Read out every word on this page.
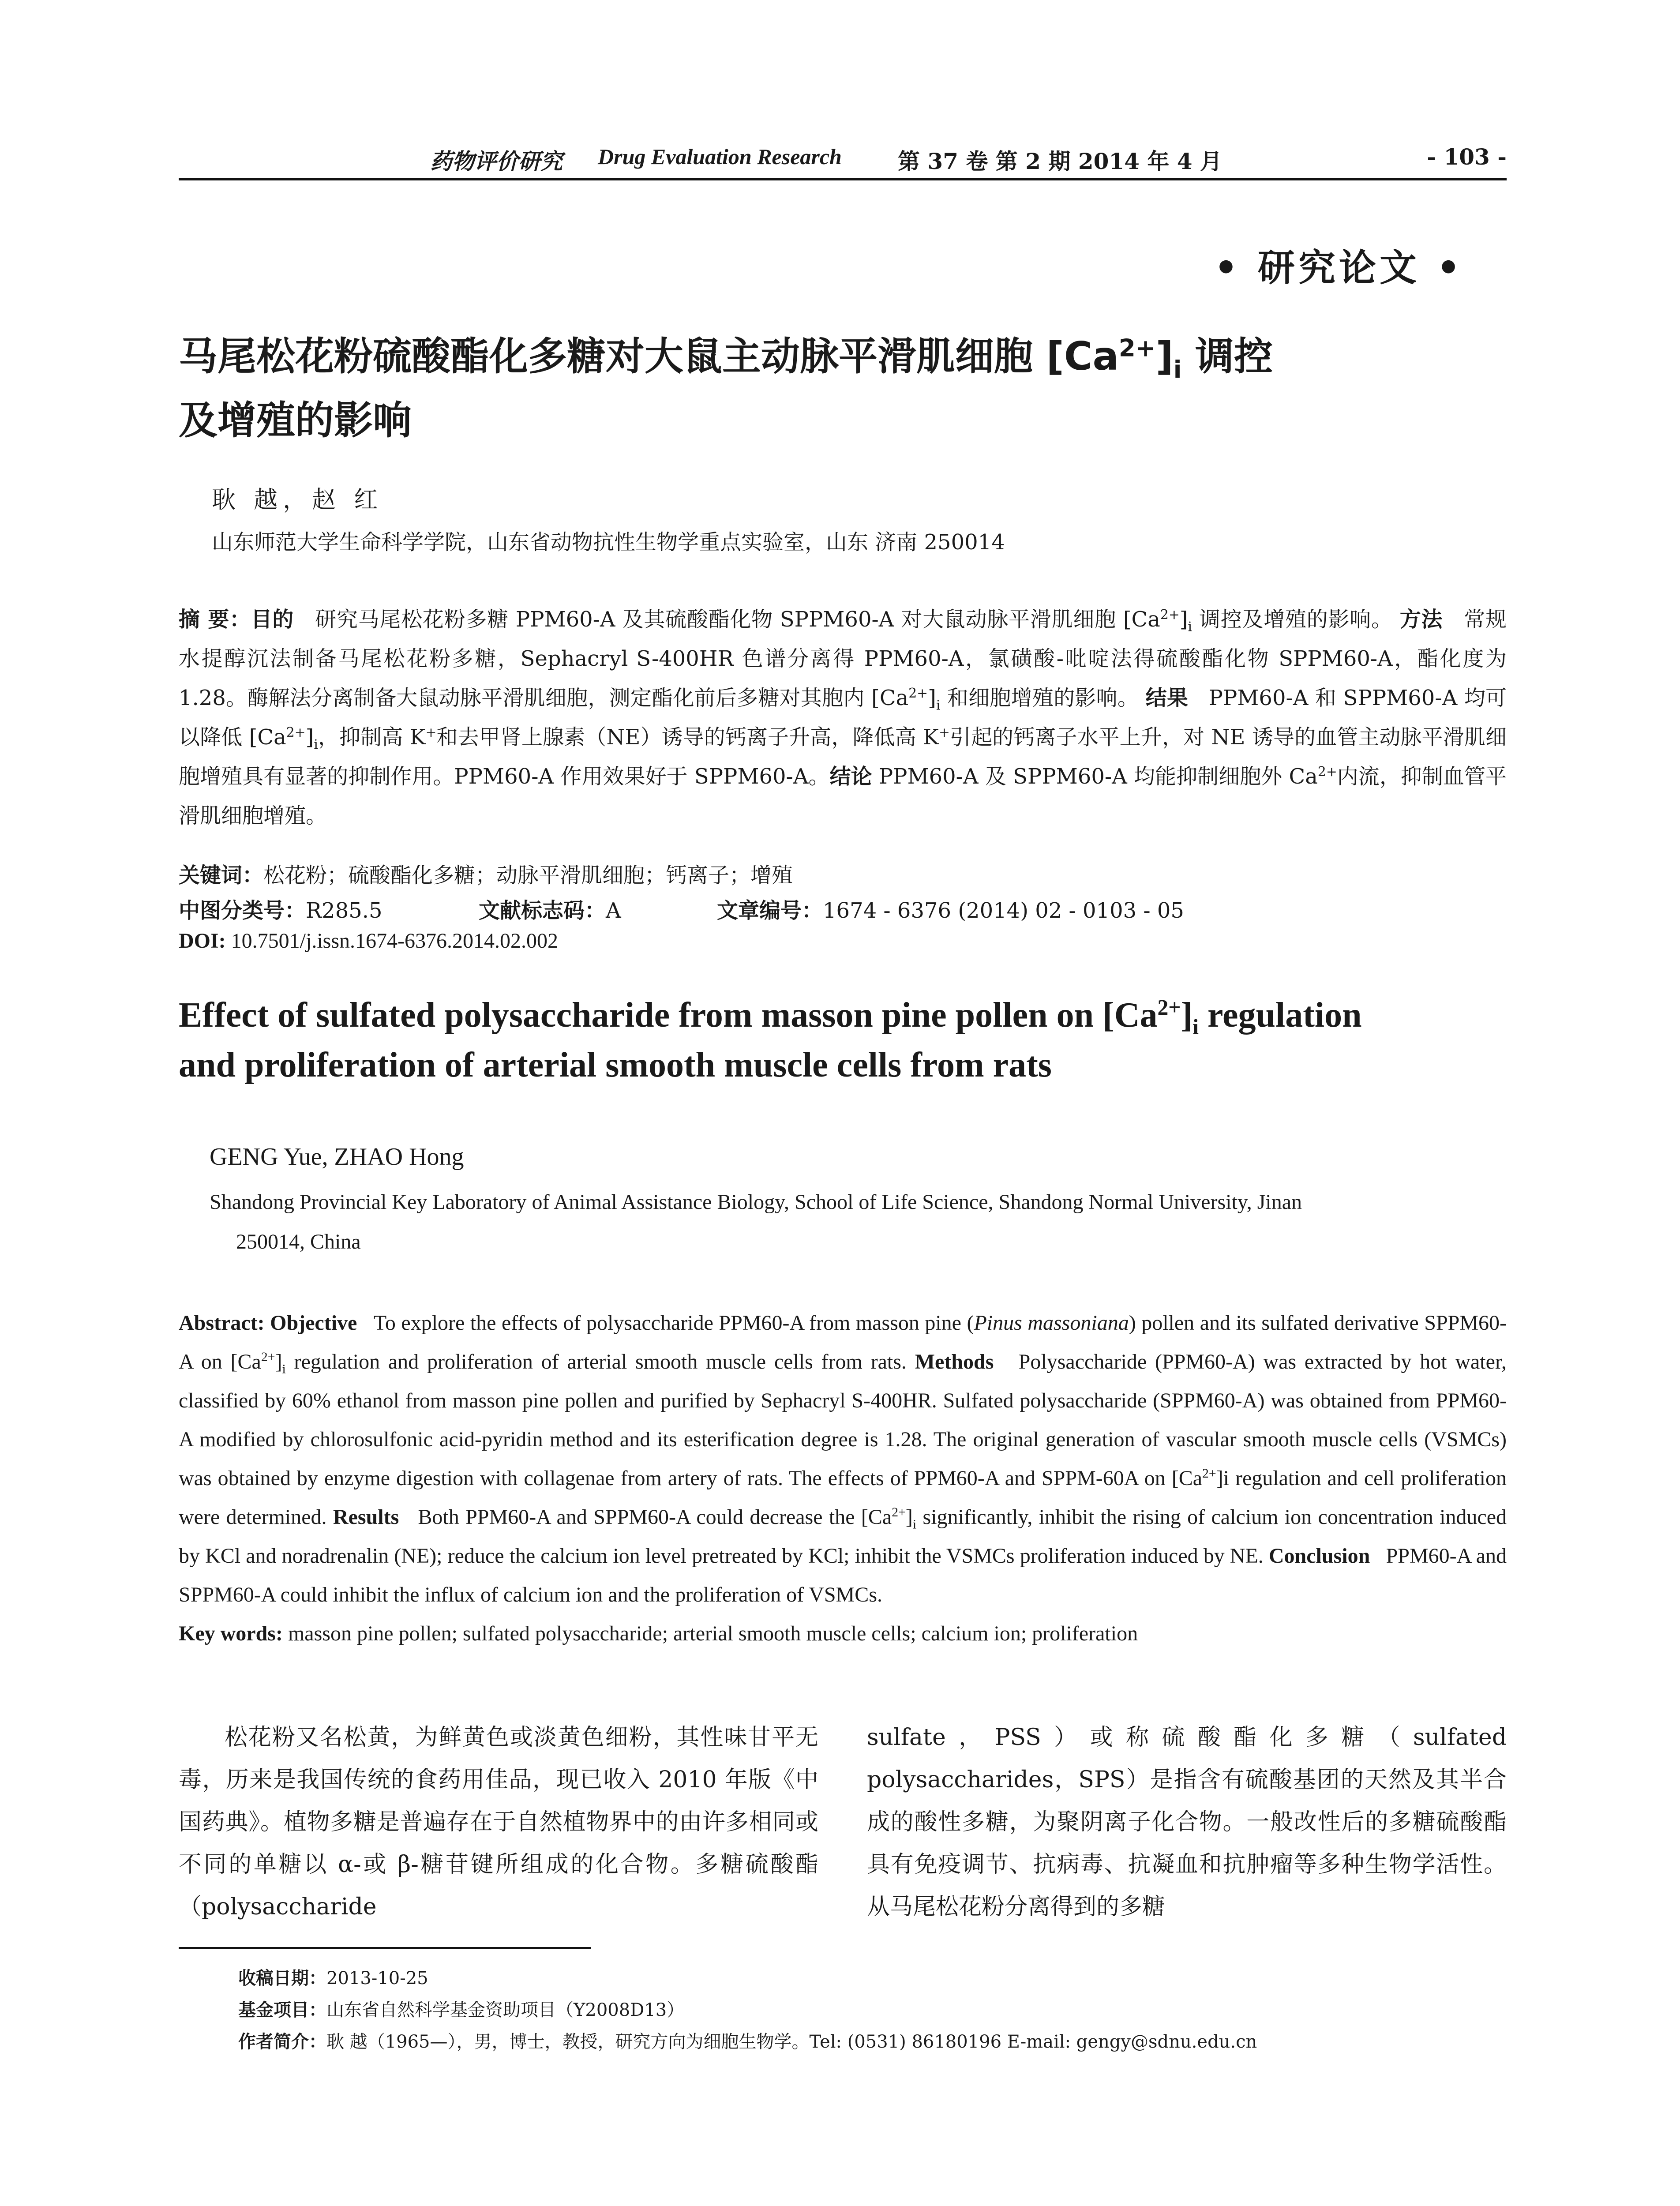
药物评价研究 Drug Evaluation Research	第 37 卷 第 2 期 2014 年 4 月	- 103 -
• 研究论文 •
马尾松花粉硫酸酯化多糖对大鼠主动脉平滑肌细胞 $[Ca^{2+}]_i$ 调控
及增殖的影响
耿 越，赵 红
山东师范大学生命科学学院，山东省动物抗性生物学重点实验室，山东 济南 250014
摘 要：目的 研究马尾松花粉多糖 PPM60-A 及其硫酸酯化物 SPPM60-A 对大鼠动脉平滑肌细胞 $[Ca^{2+}]_i$ 调控及增殖的影响。 方法 常规水提醇沉法制备马尾松花粉多糖，Sephacryl S-400HR 色谱分离得 PPM60-A，氯磺酸-吡啶法得硫酸酯化物 SPPM60-A，酯化度为 1.28。酶解法分离制备大鼠动脉平滑肌细胞，测定酯化前后多糖对其胞内 $[Ca^{2+}]_i$ 和细胞增殖的影响。 结果 PPM60-A 和 SPPM60-A 均可以降低 $[Ca^{2+}]_i$，抑制高 K+和去甲肾上腺素（NE）诱导的钙离子升高，降低高 K+引起的钙离子水平上升，对 NE 诱导的血管主动脉平滑肌细胞增殖具有显著的抑制作用。PPM60-A 作用效果好于 SPPM60-A。结论 PPM60-A 及 SPPM60-A 均能抑制细胞外 $Ca^{2+}$内流，抑制血管平滑肌细胞增殖。
关键词：松花粉；硫酸酯化多糖；动脉平滑肌细胞；钙离子；增殖
中图分类号：R285.5	文献标志码：A	文章编号：1674 - 6376 (2014) 02 - 0103 - 05
DOI: 10.7501/j.issn.1674-6376.2014.02.002
Effect of sulfated polysaccharide from masson pine pollen on $[Ca^{2+}]_i$ regulation
and proliferation of arterial smooth muscle cells from rats
GENG Yue, ZHAO Hong
Shandong Provincial Key Laboratory of Animal Assistance Biology, School of Life Science, Shandong Normal University, Jinan
250014, China
Abstract: Objective To explore the effects of polysaccharide PPM60-A from masson pine (Pinus massoniana) pollen and its sulfated derivative SPPM60-A on $[Ca^{2+}]_i$ regulation and proliferation of arterial smooth muscle cells from rats. Methods Polysaccharide (PPM60-A) was extracted by hot water, classified by 60% ethanol from masson pine pollen and purified by Sephacryl S-400HR. Sulfated polysaccharide (SPPM60-A) was obtained from PPM60-A modified by chlorosulfonic acid-pyridin method and its esterification degree is 1.28. The original generation of vascular smooth muscle cells (VSMCs) was obtained by enzyme digestion with collagenae from artery of rats. The effects of PPM60-A and SPPM-60A on $[Ca^{2+}]i$ regulation and cell proliferation were determined. Results Both PPM60-A and SPPM60-A could decrease the $[Ca^{2+}]_i$ significantly, inhibit the rising of calcium ion concentration induced by KCl and noradrenalin (NE); reduce the calcium ion level pretreated by KCl; inhibit the VSMCs proliferation induced by NE. Conclusion PPM60-A and SPPM60-A could inhibit the influx of calcium ion and the proliferation of VSMCs.
Key words: masson pine pollen; sulfated polysaccharide; arterial smooth muscle cells; calcium ion; proliferation
松花粉又名松黄，为鲜黄色或淡黄色细粉，其性味甘平无毒，历来是我国传统的食药用佳品，现已收入 2010 年版《中国药典》。植物多糖是普遍存在于自然植物界中的由许多相同或不同的单糖以 α-或 β-糖苷键所组成的化合物。多糖硫酸酯（polysaccharide
sulfate，PSS）或称硫酸酯化多糖（sulfated polysaccharides，SPS）是指含有硫酸基团的天然及其半合成的酸性多糖，为聚阴离子化合物。一般改性后的多糖硫酸酯具有免疫调节、抗病毒、抗凝血和抗肿瘤等多种生物学活性。从马尾松花粉分离得到的多糖
收稿日期：2013-10-25
基金项目：山东省自然科学基金资助项目（Y2008D13）
作者简介：耿 越（1965—），男，博士，教授，研究方向为细胞生物学。Tel: (0531) 86180196 E-mail: gengy@sdnu.edu.cn
